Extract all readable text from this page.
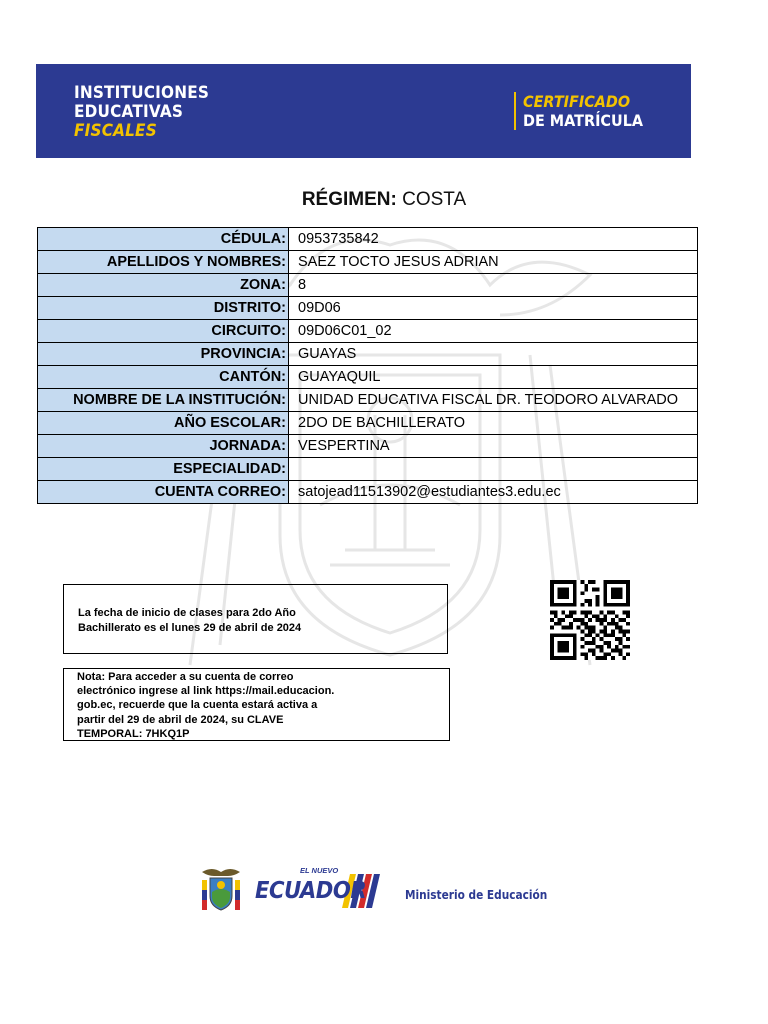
INSTITUCIONES
EDUCATIVAS
FISCALES
CERTIFICADO
DE MATRÍCULA
RÉGIMEN: COSTA
CÉDULA:	0953735842
APELLIDOS Y NOMBRES:	SAEZ TOCTO JESUS ADRIAN
ZONA:	8
DISTRITO:	09D06
CIRCUITO:	09D06C01_02
PROVINCIA:	GUAYAS
CANTÓN:	GUAYAQUIL
NOMBRE DE LA INSTITUCIÓN:	UNIDAD EDUCATIVA FISCAL DR. TEODORO ALVARADO
AÑO ESCOLAR:	2DO DE BACHILLERATO
JORNADA:	VESPERTINA
ESPECIALIDAD:	
CUENTA CORREO:	satojead11513902@estudiantes3.edu.ec
La fecha de inicio de clases para 2do Año
Bachillerato es el lunes 29 de abril de 2024
Nota: Para acceder a su cuenta de correo
electrónico ingrese al link https://mail.educacion.
gob.ec, recuerde que la cuenta estará activa a
partir del 29 de abril de 2024, su CLAVE
TEMPORAL: 7HKQ1P
EL NUEVO
ECUADOR	Ministerio de Educación
